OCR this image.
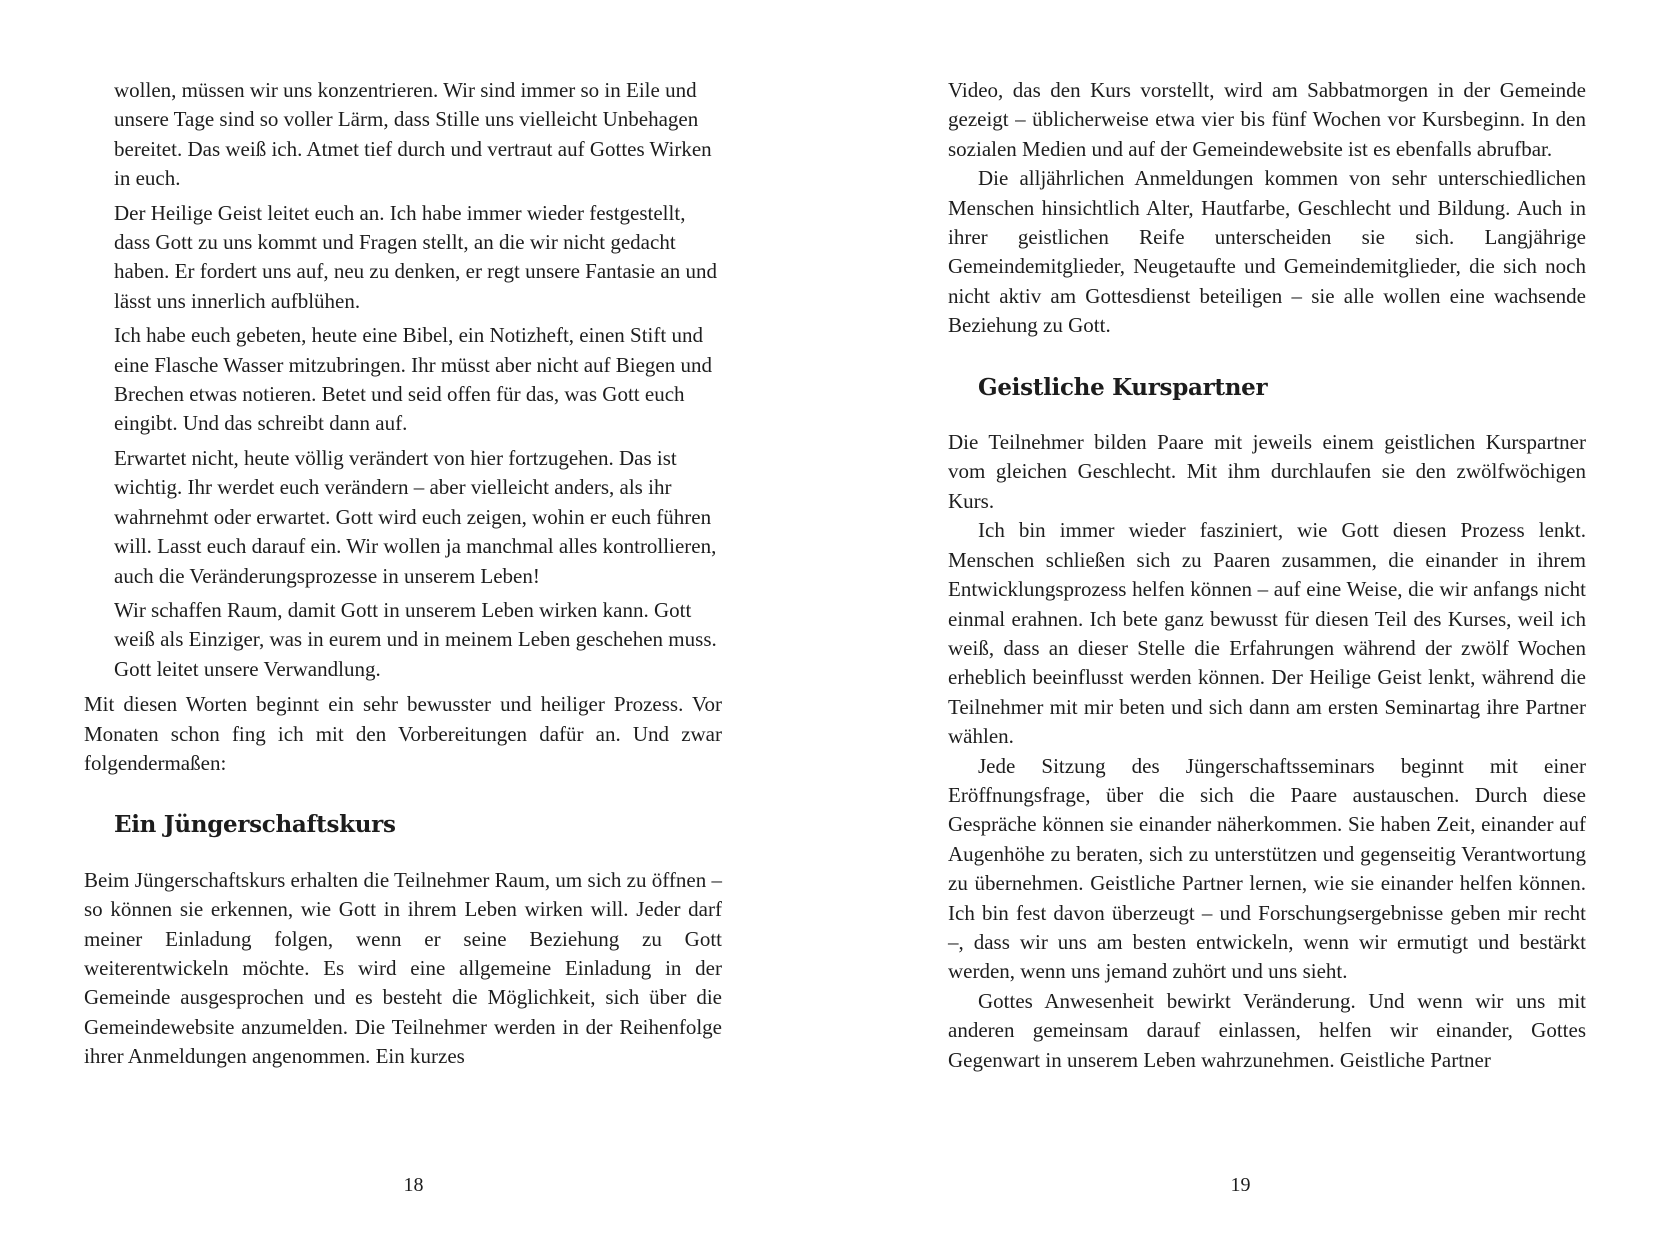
wollen, müssen wir uns konzentrieren. Wir sind immer so in Eile und unsere Tage sind so voller Lärm, dass Stille uns vielleicht Unbehagen bereitet. Das weiß ich. Atmet tief durch und vertraut auf Gottes Wirken in euch.

Der Heilige Geist leitet euch an. Ich habe immer wieder festgestellt, dass Gott zu uns kommt und Fragen stellt, an die wir nicht gedacht haben. Er fordert uns auf, neu zu denken, er regt unsere Fantasie an und lässt uns innerlich aufblühen.

Ich habe euch gebeten, heute eine Bibel, ein Notizheft, einen Stift und eine Flasche Wasser mitzubringen. Ihr müsst aber nicht auf Biegen und Brechen etwas notieren. Betet und seid offen für das, was Gott euch eingibt. Und das schreibt dann auf.

Erwartet nicht, heute völlig verändert von hier fortzugehen. Das ist wichtig. Ihr werdet euch verändern – aber vielleicht anders, als ihr wahrnehmt oder erwartet. Gott wird euch zeigen, wohin er euch führen will. Lasst euch darauf ein. Wir wollen ja manchmal alles kontrollieren, auch die Veränderungsprozesse in unserem Leben!

Wir schaffen Raum, damit Gott in unserem Leben wirken kann. Gott weiß als Einziger, was in eurem und in meinem Leben geschehen muss. Gott leitet unsere Verwandlung.

Mit diesen Worten beginnt ein sehr bewusster und heiliger Prozess. Vor Monaten schon fing ich mit den Vorbereitungen dafür an. Und zwar folgendermaßen:

Ein Jüngerschaftskurs

Beim Jüngerschaftskurs erhalten die Teilnehmer Raum, um sich zu öffnen – so können sie erkennen, wie Gott in ihrem Leben wirken will. Jeder darf meiner Einladung folgen, wenn er seine Beziehung zu Gott weiterentwickeln möchte. Es wird eine allgemeine Einladung in der Gemeinde ausgesprochen und es besteht die Möglichkeit, sich über die Gemeindewebsite anzumelden. Die Teilnehmer werden in der Reihenfolge ihrer Anmeldungen angenommen. Ein kurzes

18

Video, das den Kurs vorstellt, wird am Sabbatmorgen in der Gemeinde gezeigt – üblicherweise etwa vier bis fünf Wochen vor Kursbeginn. In den sozialen Medien und auf der Gemeindewebsite ist es ebenfalls abrufbar.

Die alljährlichen Anmeldungen kommen von sehr unterschiedlichen Menschen hinsichtlich Alter, Hautfarbe, Geschlecht und Bildung. Auch in ihrer geistlichen Reife unterscheiden sie sich. Langjährige Gemeindemitglieder, Neugetaufte und Gemeindemitglieder, die sich noch nicht aktiv am Gottesdienst beteiligen – sie alle wollen eine wachsende Beziehung zu Gott.

Geistliche Kurspartner

Die Teilnehmer bilden Paare mit jeweils einem geistlichen Kurspartner vom gleichen Geschlecht. Mit ihm durchlaufen sie den zwölfwöchigen Kurs.

Ich bin immer wieder fasziniert, wie Gott diesen Prozess lenkt. Menschen schließen sich zu Paaren zusammen, die einander in ihrem Entwicklungsprozess helfen können – auf eine Weise, die wir anfangs nicht einmal erahnen. Ich bete ganz bewusst für diesen Teil des Kurses, weil ich weiß, dass an dieser Stelle die Erfahrungen während der zwölf Wochen erheblich beeinflusst werden können. Der Heilige Geist lenkt, während die Teilnehmer mit mir beten und sich dann am ersten Seminartag ihre Partner wählen.

Jede Sitzung des Jüngerschaftsseminars beginnt mit einer Eröffnungsfrage, über die sich die Paare austauschen. Durch diese Gespräche können sie einander näherkommen. Sie haben Zeit, einander auf Augenhöhe zu beraten, sich zu unterstützen und gegenseitig Verantwortung zu übernehmen. Geistliche Partner lernen, wie sie einander helfen können. Ich bin fest davon überzeugt – und Forschungsergebnisse geben mir recht –, dass wir uns am besten entwickeln, wenn wir ermutigt und bestärkt werden, wenn uns jemand zuhört und uns sieht.

Gottes Anwesenheit bewirkt Veränderung. Und wenn wir uns mit anderen gemeinsam darauf einlassen, helfen wir einander, Gottes Gegenwart in unserem Leben wahrzunehmen. Geistliche Partner

19
